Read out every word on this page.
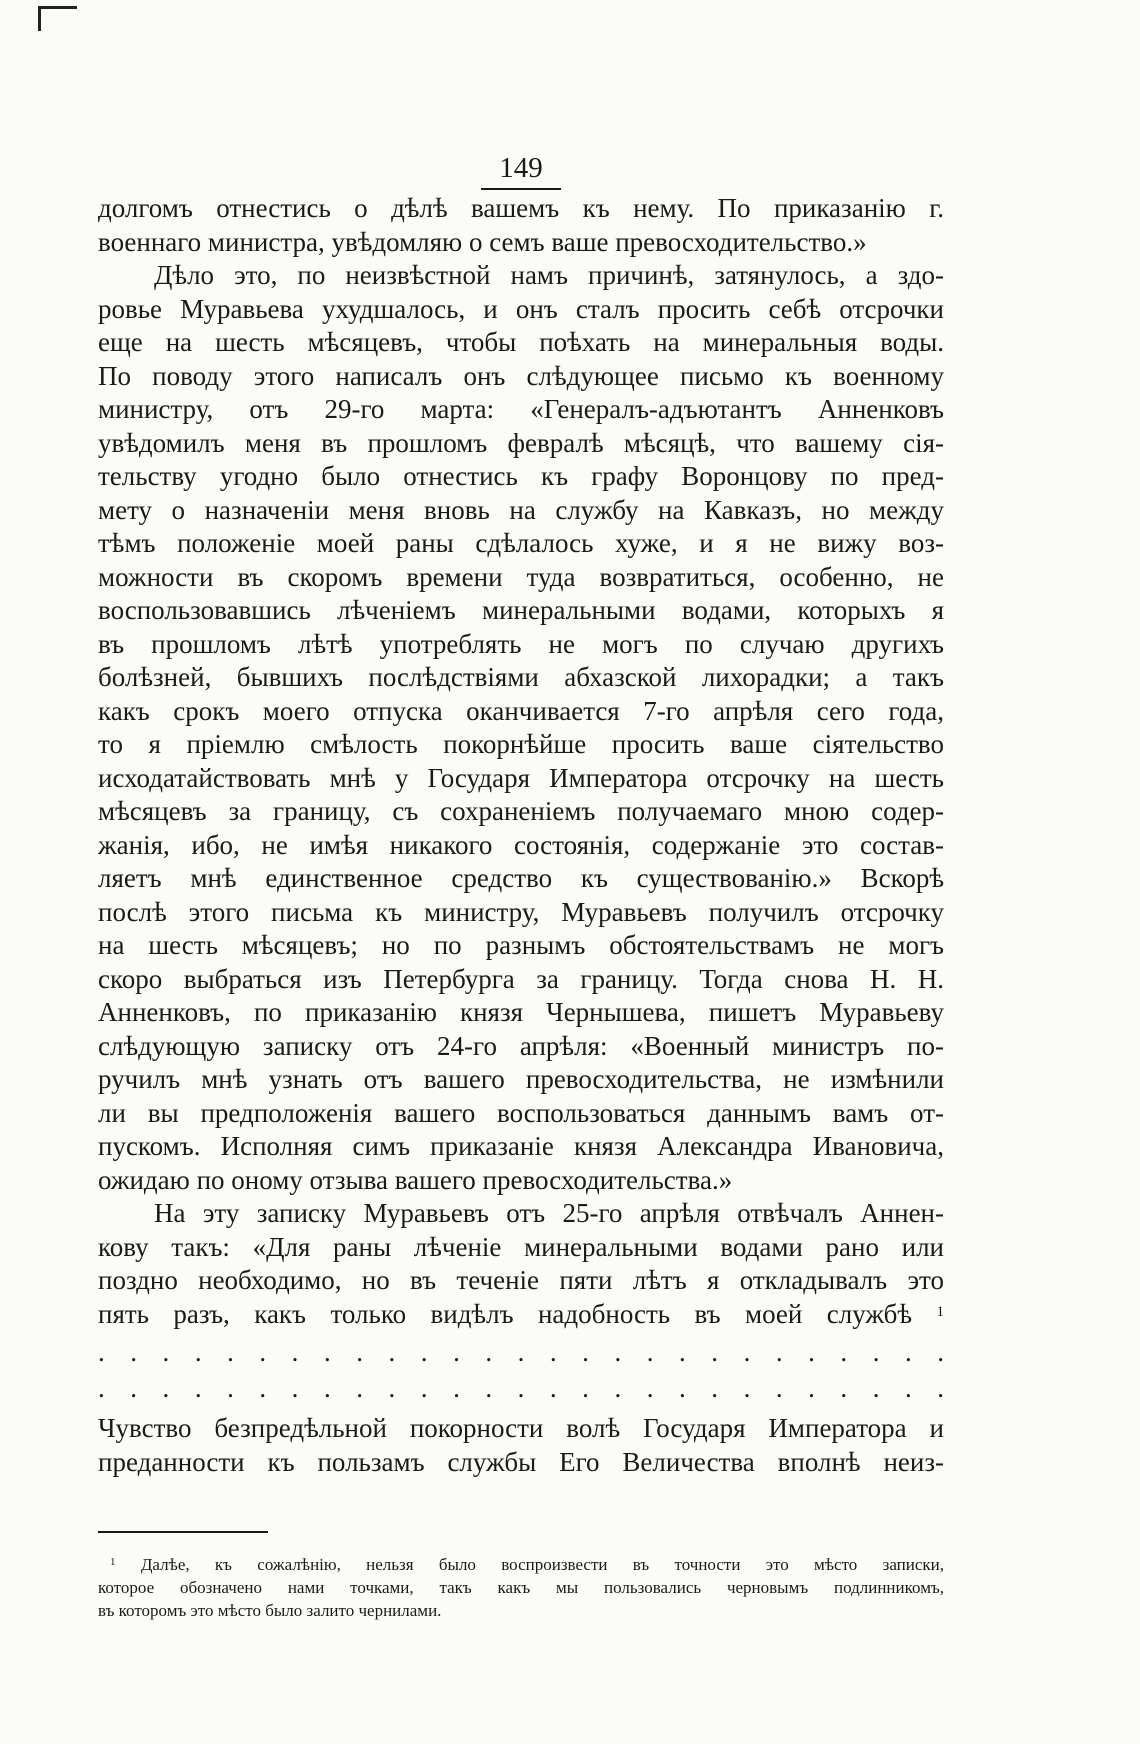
149
долгомъ отнестись о дѣлѣ вашемъ къ нему. По приказанію г.
военнаго министра, увѣдомляю о семъ ваше превосходительство.»
Дѣло это, по неизвѣстной намъ причинѣ, затянулось, а здо-
ровье Муравьева ухудшалось, и онъ сталъ просить себѣ отсрочки
еще на шесть мѣсяцевъ, чтобы поѣхать на минеральныя воды.
По поводу этого написалъ онъ слѣдующее письмо къ военному
министру, отъ 29-го марта: «Генералъ-адъютантъ Анненковъ
увѣдомилъ меня въ прошломъ февралѣ мѣсяцѣ, что вашему сія-
тельству угодно было отнестись къ графу Воронцову по пред-
мету о назначеніи меня вновь на службу на Кавказъ, но между
тѣмъ положеніе моей раны сдѣлалось хуже, и я не вижу воз-
можности въ скоромъ времени туда возвратиться, особенно, не
воспользовавшись лѣченіемъ минеральными водами, которыхъ я
въ прошломъ лѣтѣ употреблять не могъ по случаю другихъ
болѣзней, бывшихъ послѣдствіями абхазской лихорадки; а такъ
какъ срокъ моего отпуска оканчивается 7-го апрѣля сего года,
то я пріемлю смѣлость покорнѣйше просить ваше сіятельство
исходатайствовать мнѣ у Государя Императора отсрочку на шесть
мѣсяцевъ за границу, съ сохраненіемъ получаемаго мною содер-
жанія, ибо, не имѣя никакого состоянія, содержаніе это состав-
ляетъ мнѣ единственное средство къ существованію.» Вскорѣ
послѣ этого письма къ министру, Муравьевъ получилъ отсрочку
на шесть мѣсяцевъ; но по разнымъ обстоятельствамъ не могъ
скоро выбраться изъ Петербурга за границу. Тогда снова Н. Н.
Анненковъ, по приказанію князя Чернышева, пишетъ Муравьеву
слѣдующую записку отъ 24-го апрѣля: «Военный министръ по-
ручилъ мнѣ узнать отъ вашего превосходительства, не измѣнили
ли вы предположенія вашего воспользоваться даннымъ вамъ от-
пускомъ. Исполняя симъ приказаніе князя Александра Ивановича,
ожидаю по оному отзыва вашего превосходительства.»
На эту записку Муравьевъ отъ 25-го апрѣля отвѣчалъ Аннен-
кову такъ: «Для раны лѣченіе минеральными водами рано или
поздно необходимо, но въ теченіе пяти лѣтъ я откладывалъ это
пять разъ, какъ только видѣлъ надобность въ моей службѣ $^1$
. . . . . . . . . . . . . . . . . . . . . . . . . . .
. . . . . . . . . . . . . . . . . . . . . . . . . . .
Чувство безпредѣльной покорности волѣ Государя Императора и
преданности къ пользамъ службы Его Величества вполнѣ неиз-
$^1$ Далѣе, къ сожалѣнію, нельзя было воспроизвести въ точности это мѣсто записки,
которое обозначено нами точками, такъ какъ мы пользовались черновымъ подлинникомъ,
въ которомъ это мѣсто было залито чернилами.
